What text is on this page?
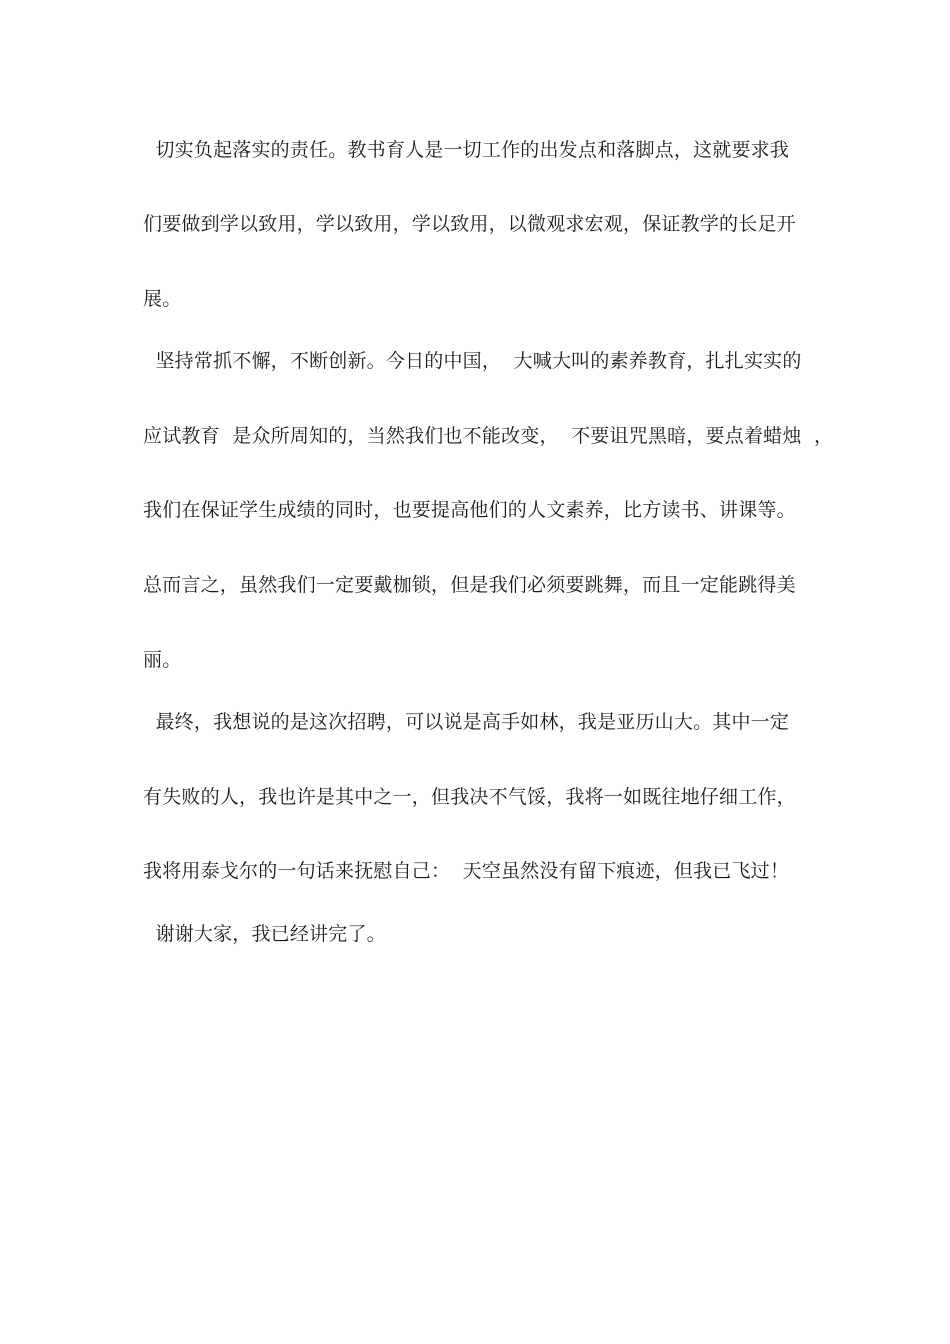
切实负起落实的责任。教书育人是一切工作的出发点和落脚点，这就要求我
们要做到学以致用，学以致用，学以致用，以微观求宏观，保证教学的长足开
展。
坚持常抓不懈，不断创新。今日的中国，  大喊大叫的素养教育，扎扎实实的
应试教育  是众所周知的，当然我们也不能改变，  不要诅咒黑暗，要点着蜡烛  ，
我们在保证学生成绩的同时，也要提高他们的人文素养，比方读书、讲课等。
总而言之，虽然我们一定要戴枷锁，但是我们必须要跳舞，而且一定能跳得美
丽。
最终，我想说的是这次招聘，可以说是高手如林，我是亚历山大。其中一定
有失败的人，我也许是其中之一，但我决不气馁，我将一如既往地仔细工作，
我将用泰戈尔的一句话来抚慰自己：  天空虽然没有留下痕迹，但我已飞过！
谢谢大家，我已经讲完了。
